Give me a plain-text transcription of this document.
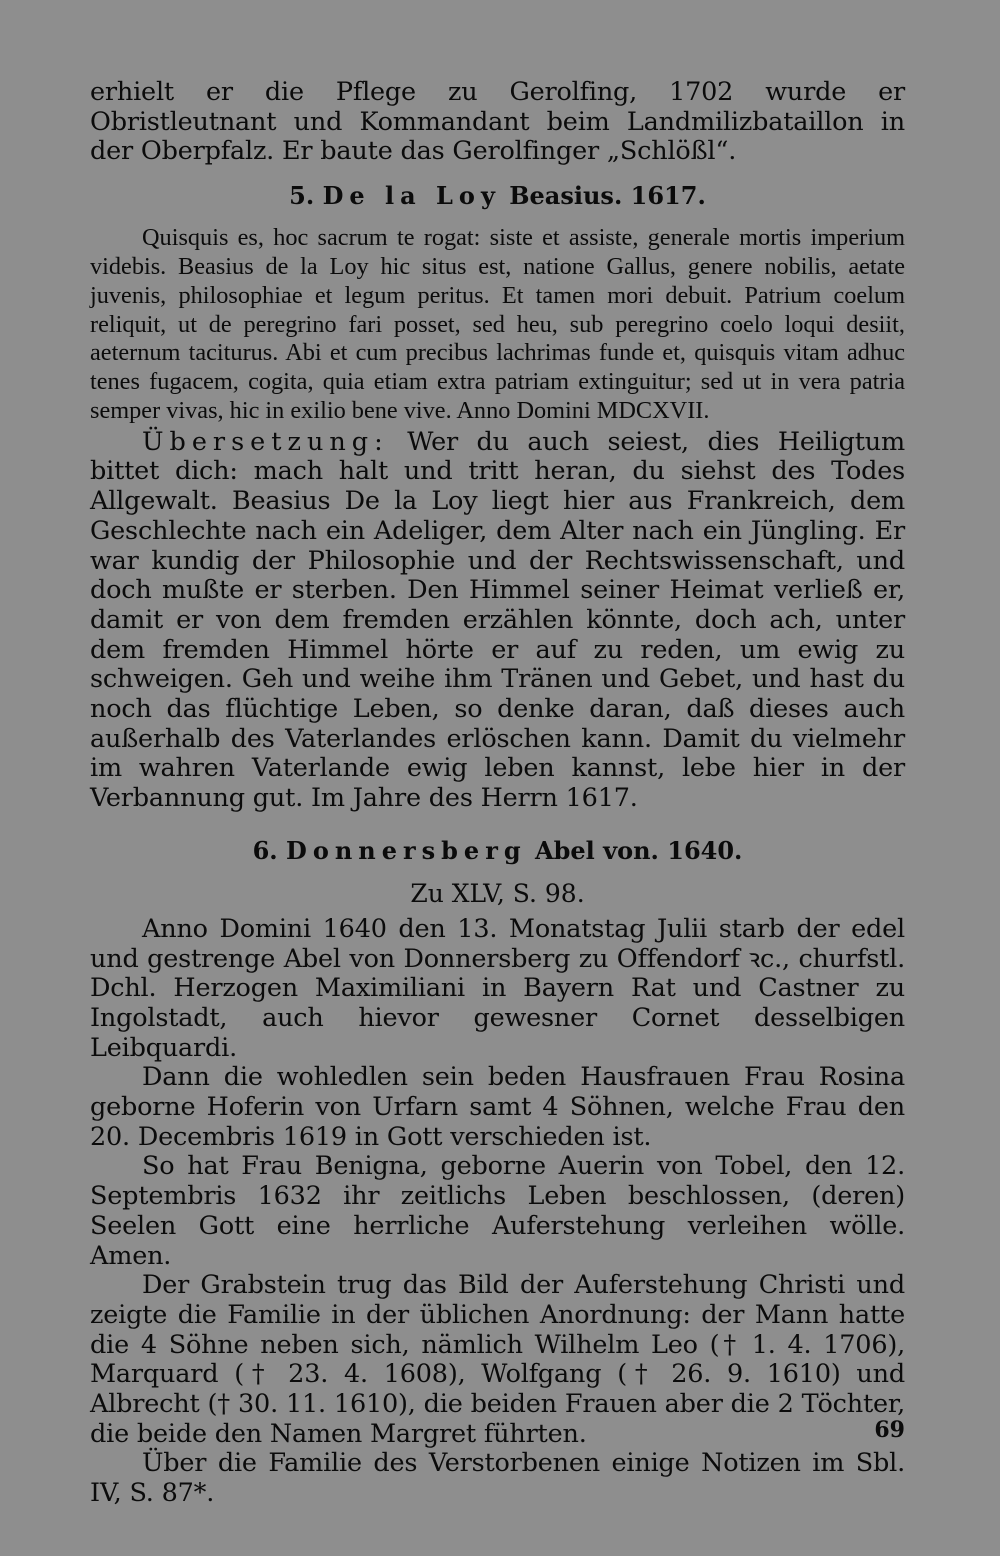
erhielt er die Pflege zu Gerolfing, 1702 wurde er Obristleutnant und Kommandant beim Landmilizbataillon in der Oberpfalz. Er baute das Gerolfinger „Schlößl“.

5. De la Loy Beasius. 1617.

Quisquis es, hoc sacrum te rogat: siste et assiste, generale mortis imperium videbis. Beasius de la Loy hic situs est, natione Gallus, genere nobilis, aetate juvenis, philosophiae et legum peritus. Et tamen mori debuit. Patrium coelum reliquit, ut de peregrino fari posset, sed heu, sub peregrino coelo loqui desiit, aeternum taciturus. Abi et cum precibus lachrimas funde et, quisquis vitam adhuc tenes fugacem, cogita, quia etiam extra patriam extinguitur; sed ut in vera patria semper vivas, hic in exilio bene vive. Anno Domini MDCXVII.

Übersetzung: Wer du auch seiest, dies Heiligtum bittet dich: mach halt und tritt heran, du siehst des Todes Allgewalt. Beasius De la Loy liegt hier aus Frankreich, dem Geschlechte nach ein Adeliger, dem Alter nach ein Jüngling. Er war kundig der Philosophie und der Rechtswissenschaft, und doch mußte er sterben. Den Himmel seiner Heimat verließ er, damit er von dem fremden erzählen könnte, doch ach, unter dem fremden Himmel hörte er auf zu reden, um ewig zu schweigen. Geh und weihe ihm Tränen und Gebet, und hast du noch das flüchtige Leben, so denke daran, daß dieses auch außerhalb des Vaterlandes erlöschen kann. Damit du vielmehr im wahren Vaterlande ewig leben kannst, lebe hier in der Verbannung gut. Im Jahre des Herrn 1617.

6. Donnersberg Abel von. 1640.

Zu XLV, S. 98.

Anno Domini 1640 den 13. Monatstag Julii starb der edel und gestrenge Abel von Donnersberg zu Offendorf ꝛc., churfstl. Dchl. Herzogen Maximiliani in Bayern Rat und Castner zu Ingolstadt, auch hievor gewesner Cornet desselbigen Leibquardi.

Dann die wohledlen sein beden Hausfrauen Frau Rosina geborne Hoferin von Urfarn samt 4 Söhnen, welche Frau den 20. Decembris 1619 in Gott verschieden ist.

So hat Frau Benigna, geborne Auerin von Tobel, den 12. Septembris 1632 ihr zeitlichs Leben beschlossen, (deren) Seelen Gott eine herrliche Auferstehung verleihen wölle. Amen.

Der Grabstein trug das Bild der Auferstehung Christi und zeigte die Familie in der üblichen Anordnung: der Mann hatte die 4 Söhne neben sich, nämlich Wilhelm Leo († 1. 4. 1706), Marquard († 23. 4. 1608), Wolfgang († 26. 9. 1610) und Albrecht († 30. 11. 1610), die beiden Frauen aber die 2 Töchter, die beide den Namen Margret führten.

Über die Familie des Verstorbenen einige Notizen im Sbl. IV, S. 87*.

69
